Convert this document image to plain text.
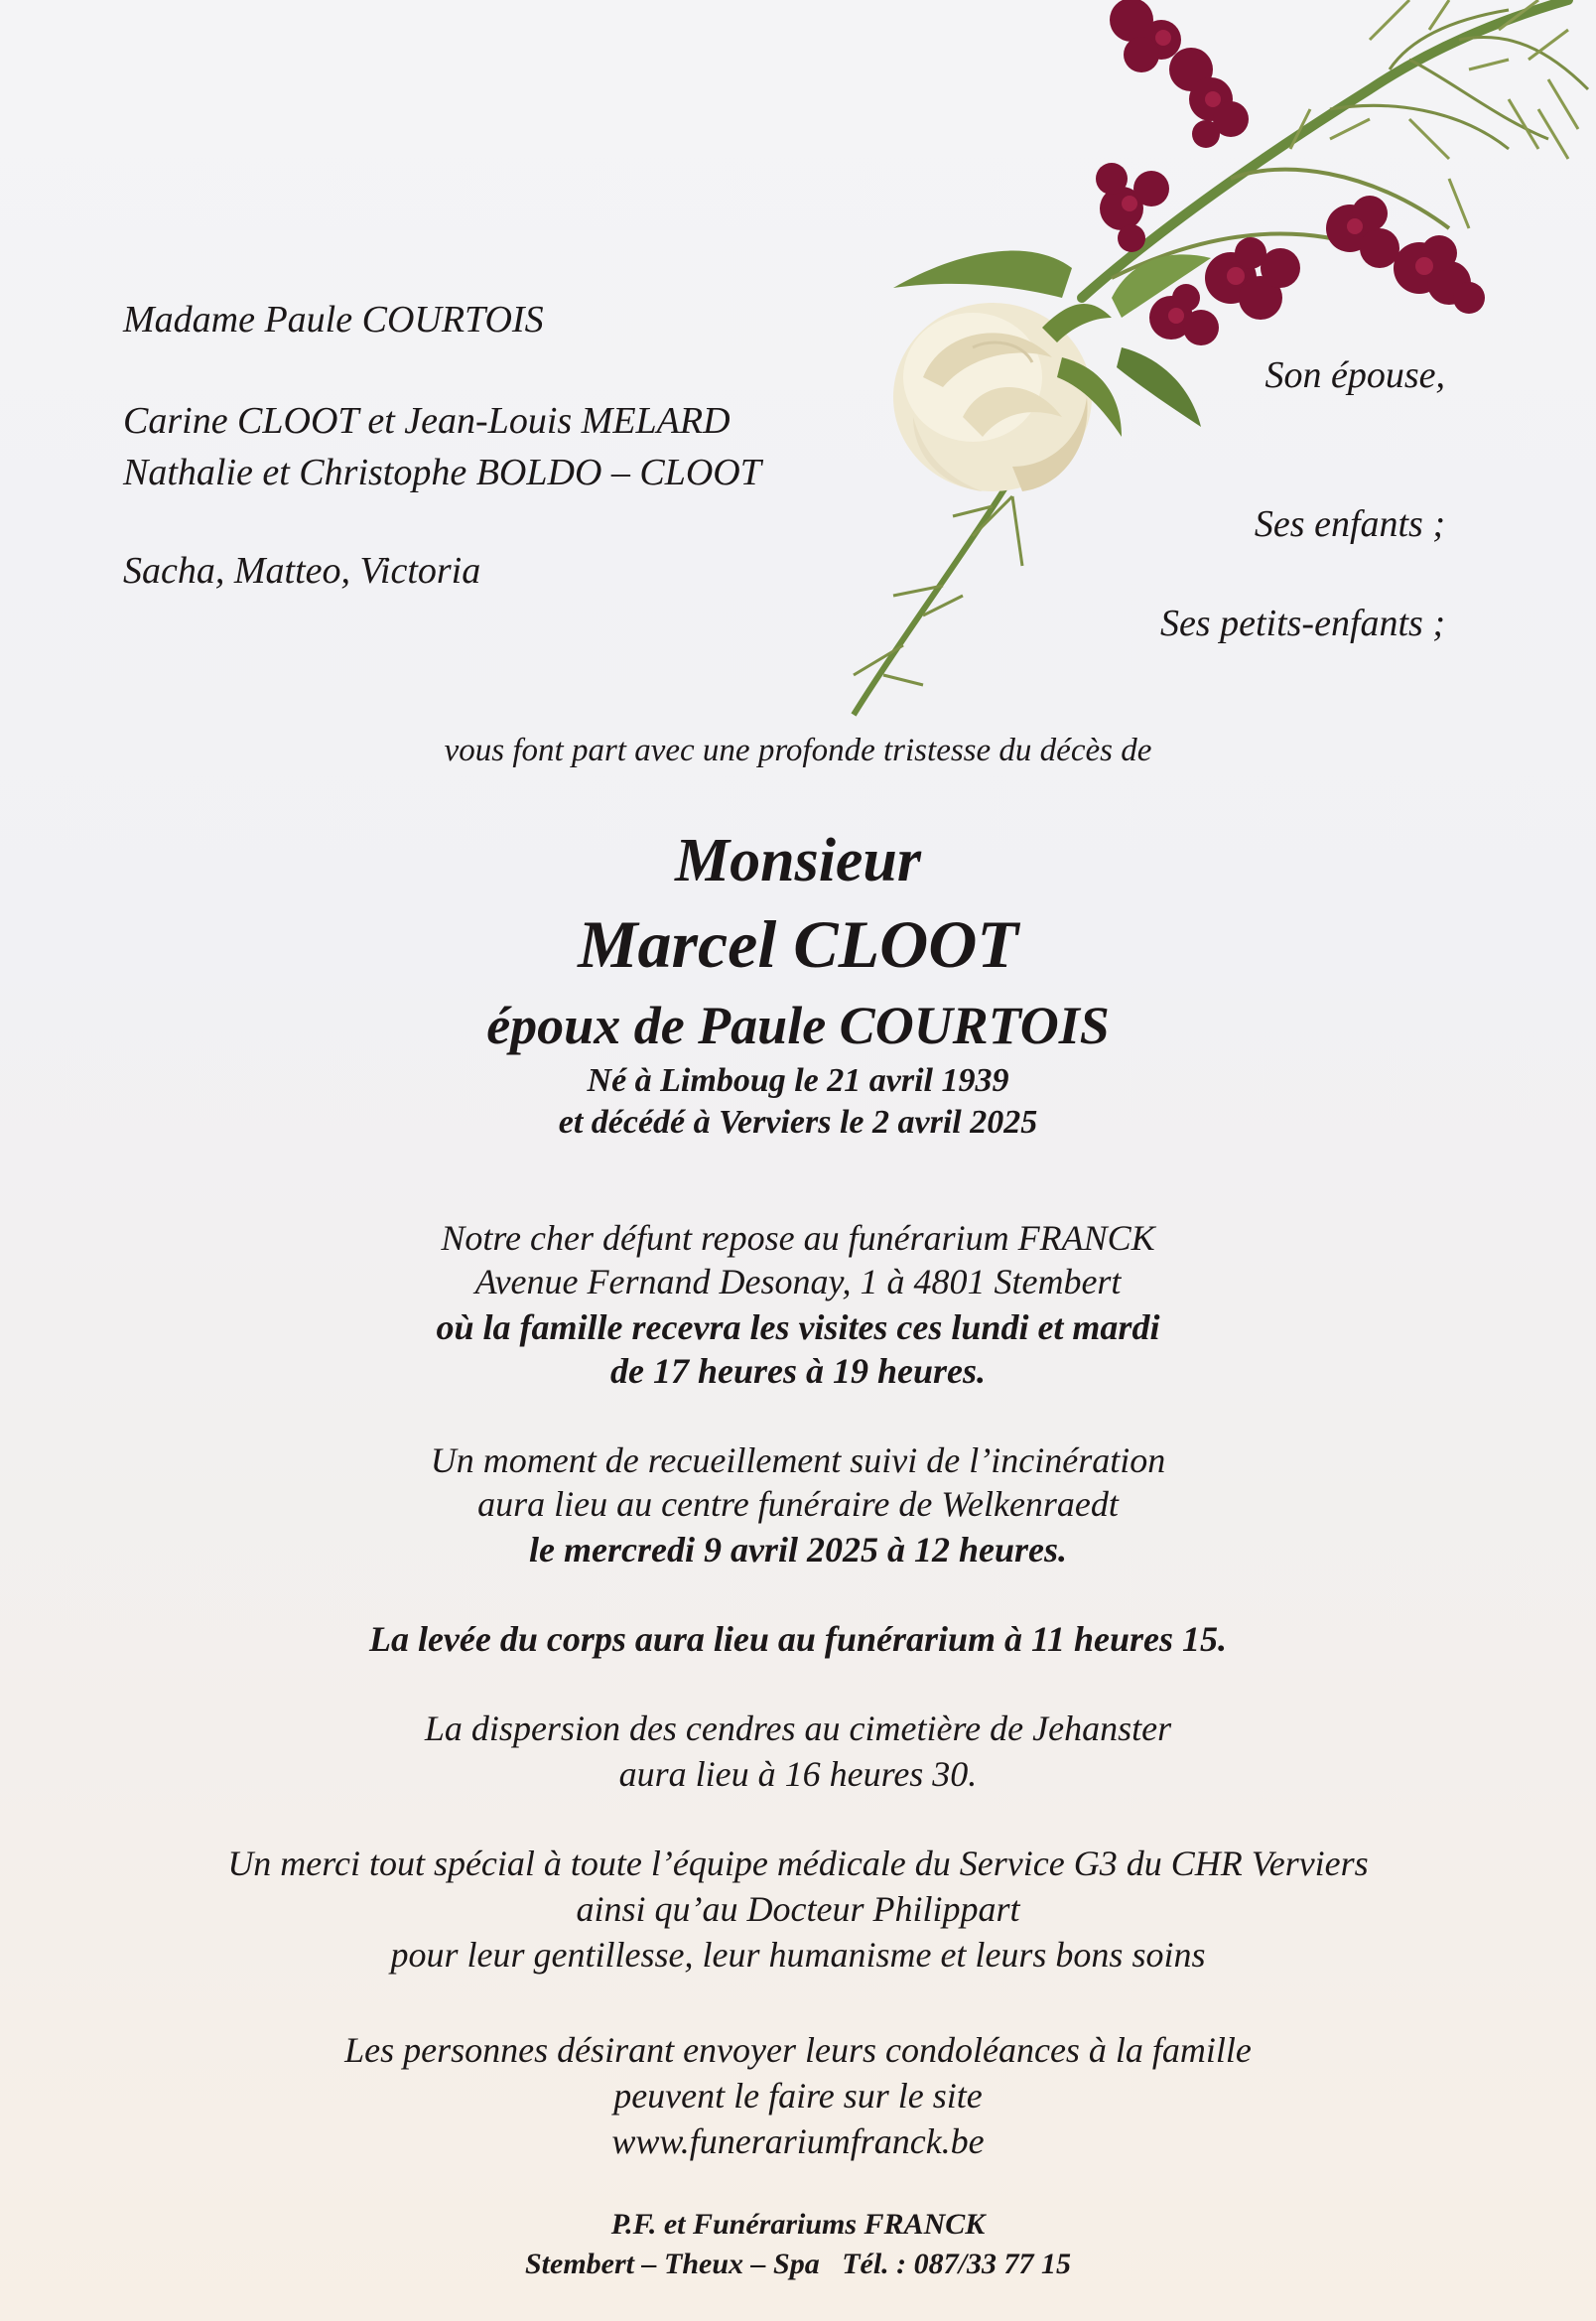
Madame Paule COURTOIS
Carine CLOOT et Jean-Louis MELARD
Nathalie et Christophe BOLDO – CLOOT
Sacha, Matteo, Victoria
Son épouse,
Ses enfants ;
Ses petits-enfants ;
vous font part avec une profonde tristesse du décès de
Monsieur
Marcel CLOOT
époux de Paule COURTOIS
Né à Limboug le 21 avril 1939
et décédé à Verviers le 2 avril 2025
Notre cher défunt repose au funérarium FRANCK
Avenue Fernand Desonay, 1 à 4801 Stembert
où la famille recevra les visites ces lundi et mardi
de 17 heures à 19 heures.
Un moment de recueillement suivi de l’incinération
aura lieu au centre funéraire de Welkenraedt
le mercredi 9 avril 2025 à 12 heures.
La levée du corps aura lieu au funérarium à 11 heures 15.
La dispersion des cendres au cimetière de Jehanster
aura lieu à 16 heures 30.
Un merci tout spécial à toute l’équipe médicale du Service G3 du CHR Verviers
ainsi qu’au Docteur Philippart
pour leur gentillesse, leur humanisme et leurs bons soins
Les personnes désirant envoyer leurs condoléances à la famille
peuvent le faire sur le site
www.funerariumfranck.be
P.F. et Funérariums FRANCK
Stembert – Theux – Spa   Tél. : 087/33 77 15
